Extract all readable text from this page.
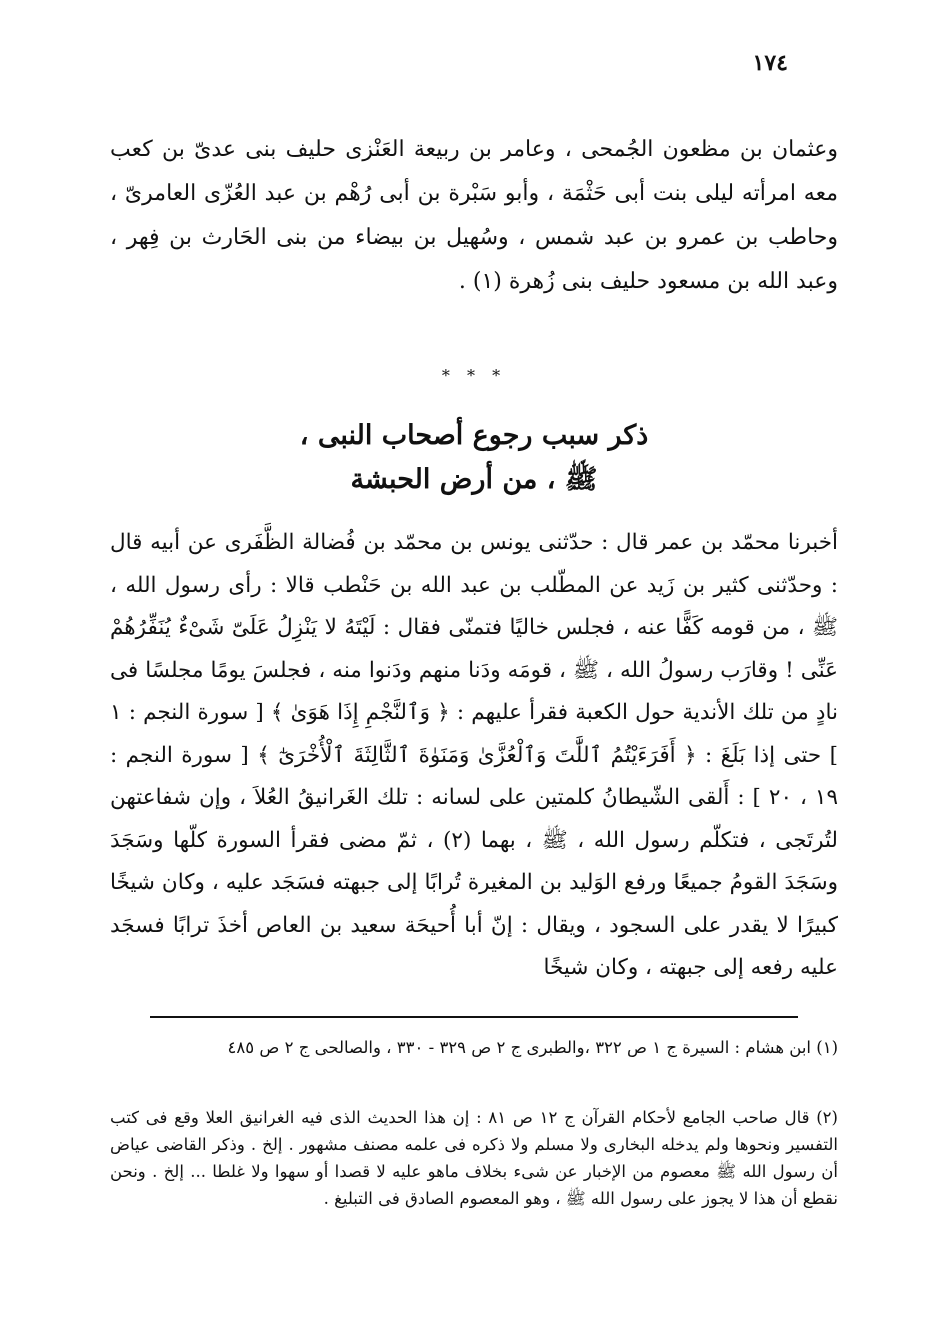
١٧٤
وعثمان بن مظعون الجُمحى ، وعامر بن ربيعة العَنْزى حليف بنى عدىّ بن كعب معه امرأته ليلى بنت أبى حَثْمَة ، وأبو سَبْرة بن أبى رُهْم بن عبد العُزّى العامرىّ ، وحاطب بن عمرو بن عبد شمس ، وسُهيل بن بيضاء من بنى الحَارث بن فِهر ، وعبد الله بن مسعود حليف بنى زُهرة (١) .
* * *
ذكر سبب رجوع أصحاب النبى ،
ﷺ ، من أرض الحبشة
أخبرنا محمّد بن عمر قال : حدّثنى يونس بن محمّد بن فُضالة الظَّفَرى عن أبيه قال : وحدّثنى كثير بن زَيد عن المطّلب بن عبد الله بن حَنْطب قالا : رأى رسول الله ، ﷺ ، من قومه كَفًّا عنه ، فجلس خاليًا فتمنّى فقال : لَيْتَهُ لا يَنْزِلُ عَلَىّ شَىْءٌ يُنَفِّرُهُمْ عَنِّى ! وقارَب رسولُ الله ، ﷺ ، قومَه ودَنا منهم ودَنوا منه ، فجلسَ يومًا مجلسًا فى نادٍ من تلك الأندية حول الكعبة فقرأ عليهم : ﴿ وَٱلنَّجْمِ إِذَا هَوَىٰ ﴾ [ سورة النجم : ١ ] حتى إذا بَلَغَ : ﴿ أَفَرَءَيْتُمُ ٱللَّٰتَ وَٱلْعُزَّىٰ وَمَنَوٰةَ ٱلثَّالِثَةَ ٱلْأُخْرَىٰٓ ﴾ [ سورة النجم : ١٩ ، ٢٠ ] : أَلقى الشّيطانُ كلمتين على لسانه : تلك الغَرانيقُ العُلاَ ، وإن شفاعتهن لتُرتَجى ، فتكلّم رسول الله ، ﷺ ، بهما (٢) ، ثمّ مضى فقرأ السورة كلّها وسَجَدَ وسَجَدَ القومُ جميعًا ورفع الوَليد بن المغيرة تُرابًا إلى جبهته فسَجَد عليه ، وكان شيخًا كبيرًا لا يقدر على السجود ، ويقال : إنّ أبا أُحيحَة سعيد بن العاص أخذَ ترابًا فسجَد عليه رفعه إلى جبهته ، وكان شيخًا
(١) ابن هشام : السيرة ج ١ ص ٣٢٢ ،والطبرى ج ٢ ص ٣٢٩ - ٣٣٠ ، والصالحى ج ٢ ص ٤٨٥
(٢) قال صاحب الجامع لأحكام القرآن ج ١٢ ص ٨١ : إن هذا الحديث الذى فيه الغرانيق العلا وقع فى كتب التفسير ونحوها ولم يدخله البخارى ولا مسلم ولا ذكره فى علمه مصنف مشهور . إلخ . وذكر القاضى عياض أن رسول الله ﷺ معصوم من الإخبار عن شىء بخلاف ماهو عليه لا قصدا أو سهوا ولا غلطا ... إلخ . ونحن نقطع أن هذا لا يجوز على رسول الله ﷺ ، وهو المعصوم الصادق فى التبليغ .
